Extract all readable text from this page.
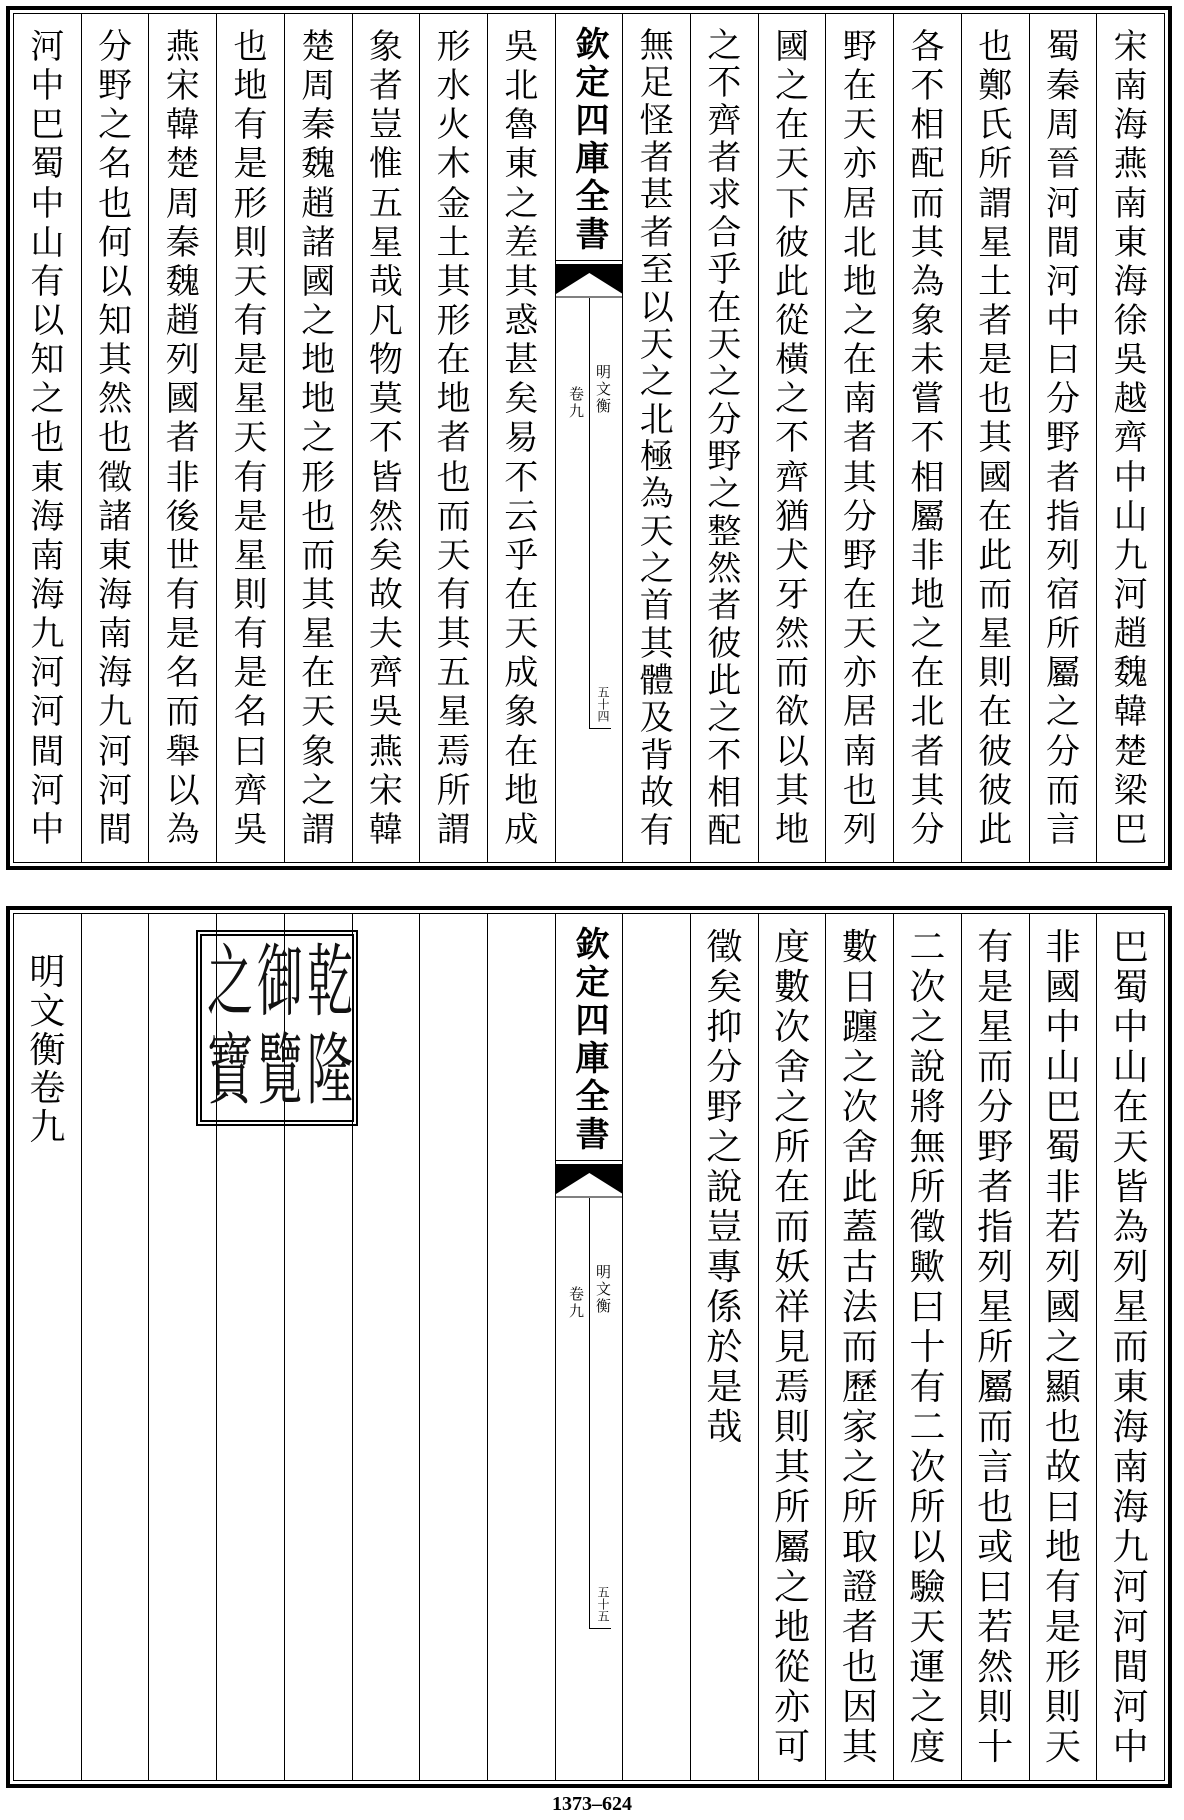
宋
南
海
燕
南
東
海
徐
吳
越
齊
中
山
九
河
趙
魏
韓
楚
梁
巴
蜀
秦
周
晉
河
間
河
中
曰
分
野
者
指
列
宿
所
屬
之
分
而
言
也
鄭
氏
所
謂
星
土
者
是
也
其
國
在
此
而
星
則
在
彼
彼
此
各
不
相
配
而
其
為
象
未
嘗
不
相
屬
非
地
之
在
北
者
其
分
野
在
天
亦
居
北
地
之
在
南
者
其
分
野
在
天
亦
居
南
也
列
國
之
在
天
下
彼
此
從
橫
之
不
齊
猶
犬
牙
然
而
欲
以
其
地
之
不
齊
者
求
合
乎
在
天
之
分
野
之
整
然
者
彼
此
之
不
相
配
無
足
怪
者
甚
者
至
以
天
之
北
極
為
天
之
首
其
體
及
背
故
有
欽定四庫全書
明文衡
卷九
五十四
吳
北
魯
東
之
差
其
惑
甚
矣
易
不
云
乎
在
天
成
象
在
地
成
形
水
火
木
金
土
其
形
在
地
者
也
而
天
有
其
五
星
焉
所
謂
象
者
豈
惟
五
星
哉
凡
物
莫
不
皆
然
矣
故
夫
齊
吳
燕
宋
韓
楚
周
秦
魏
趙
諸
國
之
地
地
之
形
也
而
其
星
在
天
象
之
謂
也
地
有
是
形
則
天
有
是
星
天
有
是
星
則
有
是
名
曰
齊
吳
燕
宋
韓
楚
周
秦
魏
趙
列
國
者
非
後
世
有
是
名
而
舉
以
為
分
野
之
名
也
何
以
知
其
然
也
徵
諸
東
海
南
海
九
河
河
間
河
中
巴
蜀
中
山
有
以
知
之
也
東
海
南
海
九
河
河
間
河
中
巴
蜀
中
山
在
天
皆
為
列
星
而
東
海
南
海
九
河
河
間
河
中
非
國
中
山
巴
蜀
非
若
列
國
之
顯
也
故
曰
地
有
是
形
則
天
有
是
星
而
分
野
者
指
列
星
所
屬
而
言
也
或
曰
若
然
則
十
二
次
之
說
將
無
所
徵
歟
曰
十
有
二
次
所
以
驗
天
運
之
度
數
日
躔
之
次
舍
此
蓋
古
法
而
歷
家
之
所
取
證
者
也
因
其
度
數
次
舍
之
所
在
而
妖
祥
見
焉
則
其
所
屬
之
地
從
亦
可
徵
矣
抑
分
野
之
說
豈
專
係
於
是
哉
欽定四庫全書
明文衡
卷九
五十五
明
文
衡
卷
九
乾隆
御覽
之寶
1373–624
